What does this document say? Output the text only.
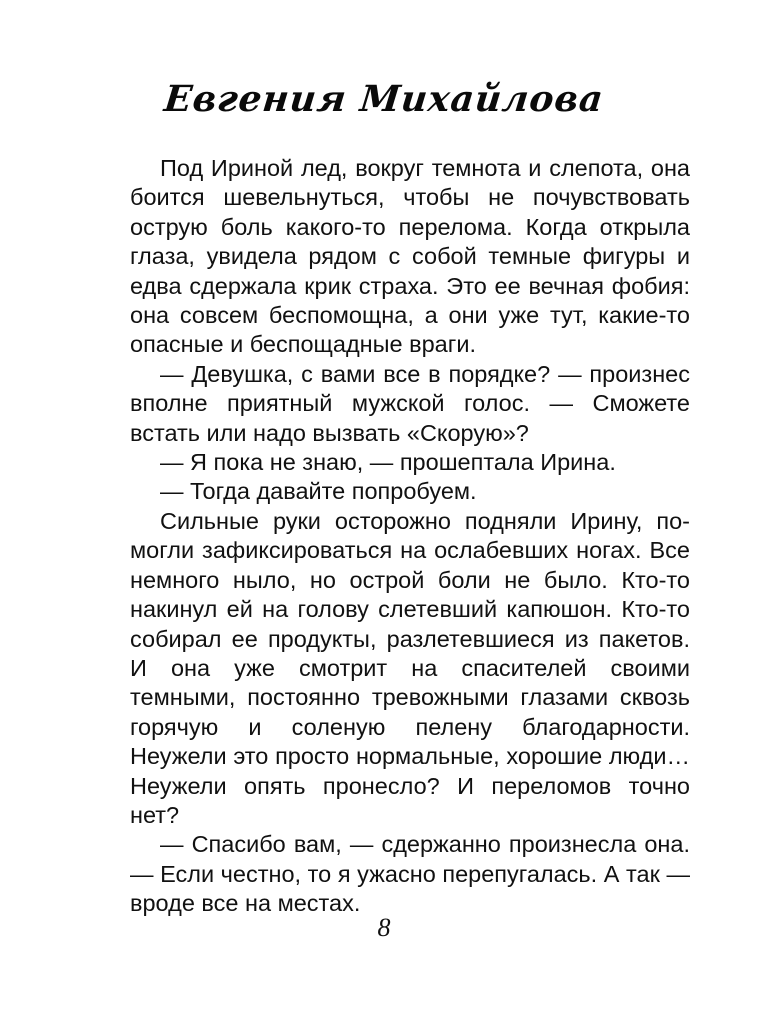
Евгения Михайлова

Под Ириной лед, вокруг темнота и слепота, она боится шевельнуться, чтобы не почувствовать острую боль какого-то перелома. Когда открыла глаза, увидела рядом с собой темные фигуры и едва сдержала крик страха. Это ее вечная фобия: она совсем беспомощна, а они уже тут, какие-то опасные и беспощадные враги.

— Девушка, с вами все в порядке? — произнес вполне приятный мужской голос. — Сможете встать или надо вызвать «Скорую»?

— Я пока не знаю, — прошептала Ирина.

— Тогда давайте попробуем.

Сильные руки осторожно подняли Ирину, помогли зафиксироваться на ослабевших ногах. Все немного ныло, но острой боли не было. Кто-то накинул ей на голову слетевший капюшон. Кто-то собирал ее продукты, разлетевшиеся из пакетов. И она уже смотрит на спасителей своими темными, постоянно тревожными глазами сквозь горячую и соленую пелену благодарности. Неужели это просто нормальные, хорошие люди… Неужели опять пронесло? И переломов точно нет?

— Спасибо вам, — сдержанно произнесла она. — Если честно, то я ужасно перепугалась. А так — вроде все на местах.

8
